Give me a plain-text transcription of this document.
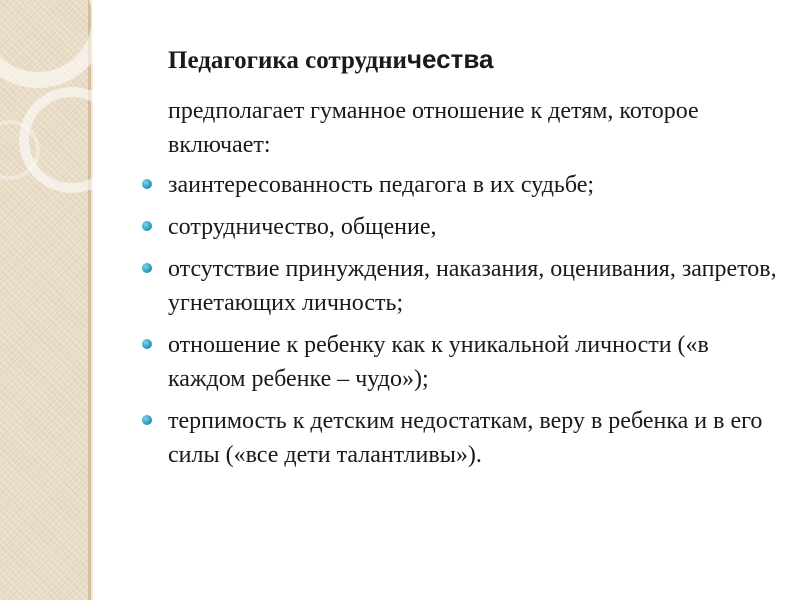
Педагогика сотрудничества

предполагает гуманное отношение к детям, которое включает:

заинтересованность педагога в их судьбе;
сотрудничество, общение,
отсутствие принуждения, наказания, оценивания, запретов, угнетающих личность;
отношение к ребенку как к уникальной личности («в каждом ребенке – чудо»);
терпимость к детским недостаткам, веру в ребенка и в его силы («все дети талантливы»).
